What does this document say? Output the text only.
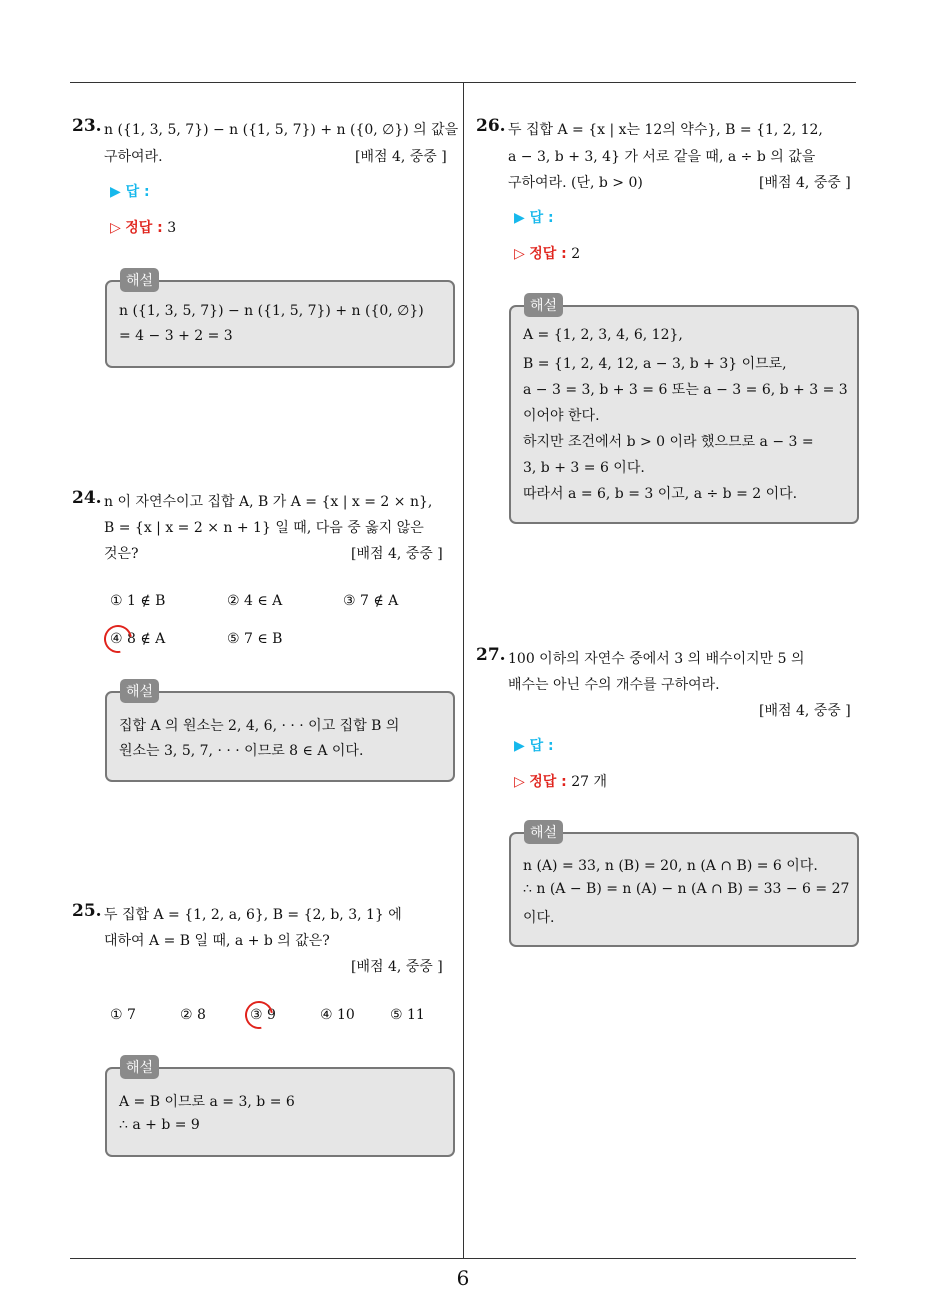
6
23. n ({1, 3, 5, 7}) − n ({1, 5, 7}) + n ({0, ∅}) 의 값을
구하여라.	[배점 4, 중중 ]
▶ 답 :
▷ 정답 : 3
n ({1, 3, 5, 7}) − n ({1, 5, 7}) + n ({0, ∅})
= 4 − 3 + 2 = 3
해설
24. n 이 자연수이고 집합 A, B 가 A = {x | x = 2 × n},
B = {x | x = 2 × n + 1} 일 때, 다음 중 옳지 않은
것은?	[배점 4, 중중 ]
① 1 ∉ B	② 4 ∈ A	③ 7 ∉ A
④ 8 ∉ A	⑤ 7 ∈ B
집합 A 의 원소는 2, 4, 6, · · · 이고 집합 B 의
원소는 3, 5, 7, · · · 이므로 8 ∈ A 이다.
해설
25. 두 집합 A = {1, 2, a, 6}, B = {2, b, 3, 1} 에
대하여 A = B 일 때, a + b 의 값은?
[배점 4, 중중 ]
① 7	② 8	③ 9	④ 10	⑤ 11
A = B 이므로 a = 3, b = 6
∴ a + b = 9
해설
26. 두 집합 A = {x | x는 12의 약수}, B = {1, 2, 12,
a − 3, b + 3, 4} 가 서로 같을 때, a ÷ b 의 값을
구하여라. (단, b > 0)	[배점 4, 중중 ]
▶ 답 :
▷ 정답 : 2
A = {1, 2, 3, 4, 6, 12},
B = {1, 2, 4, 12, a − 3, b + 3} 이므로,
a − 3 = 3, b + 3 = 6 또는 a − 3 = 6, b + 3 = 3
이어야 한다.
하지만 조건에서 b > 0 이라 했으므로 a − 3 =
3, b + 3 = 6 이다.
따라서 a = 6, b = 3 이고, a ÷ b = 2 이다.
해설
27. 100 이하의 자연수 중에서 3 의 배수이지만 5 의
배수는 아닌 수의 개수를 구하여라.
[배점 4, 중중 ]
▶ 답 :
▷ 정답 : 27 개
n (A) = 33, n (B) = 20, n (A ∩ B) = 6 이다.
∴ n (A − B) = n (A) − n (A ∩ B) = 33 − 6 = 27
이다.
해설
